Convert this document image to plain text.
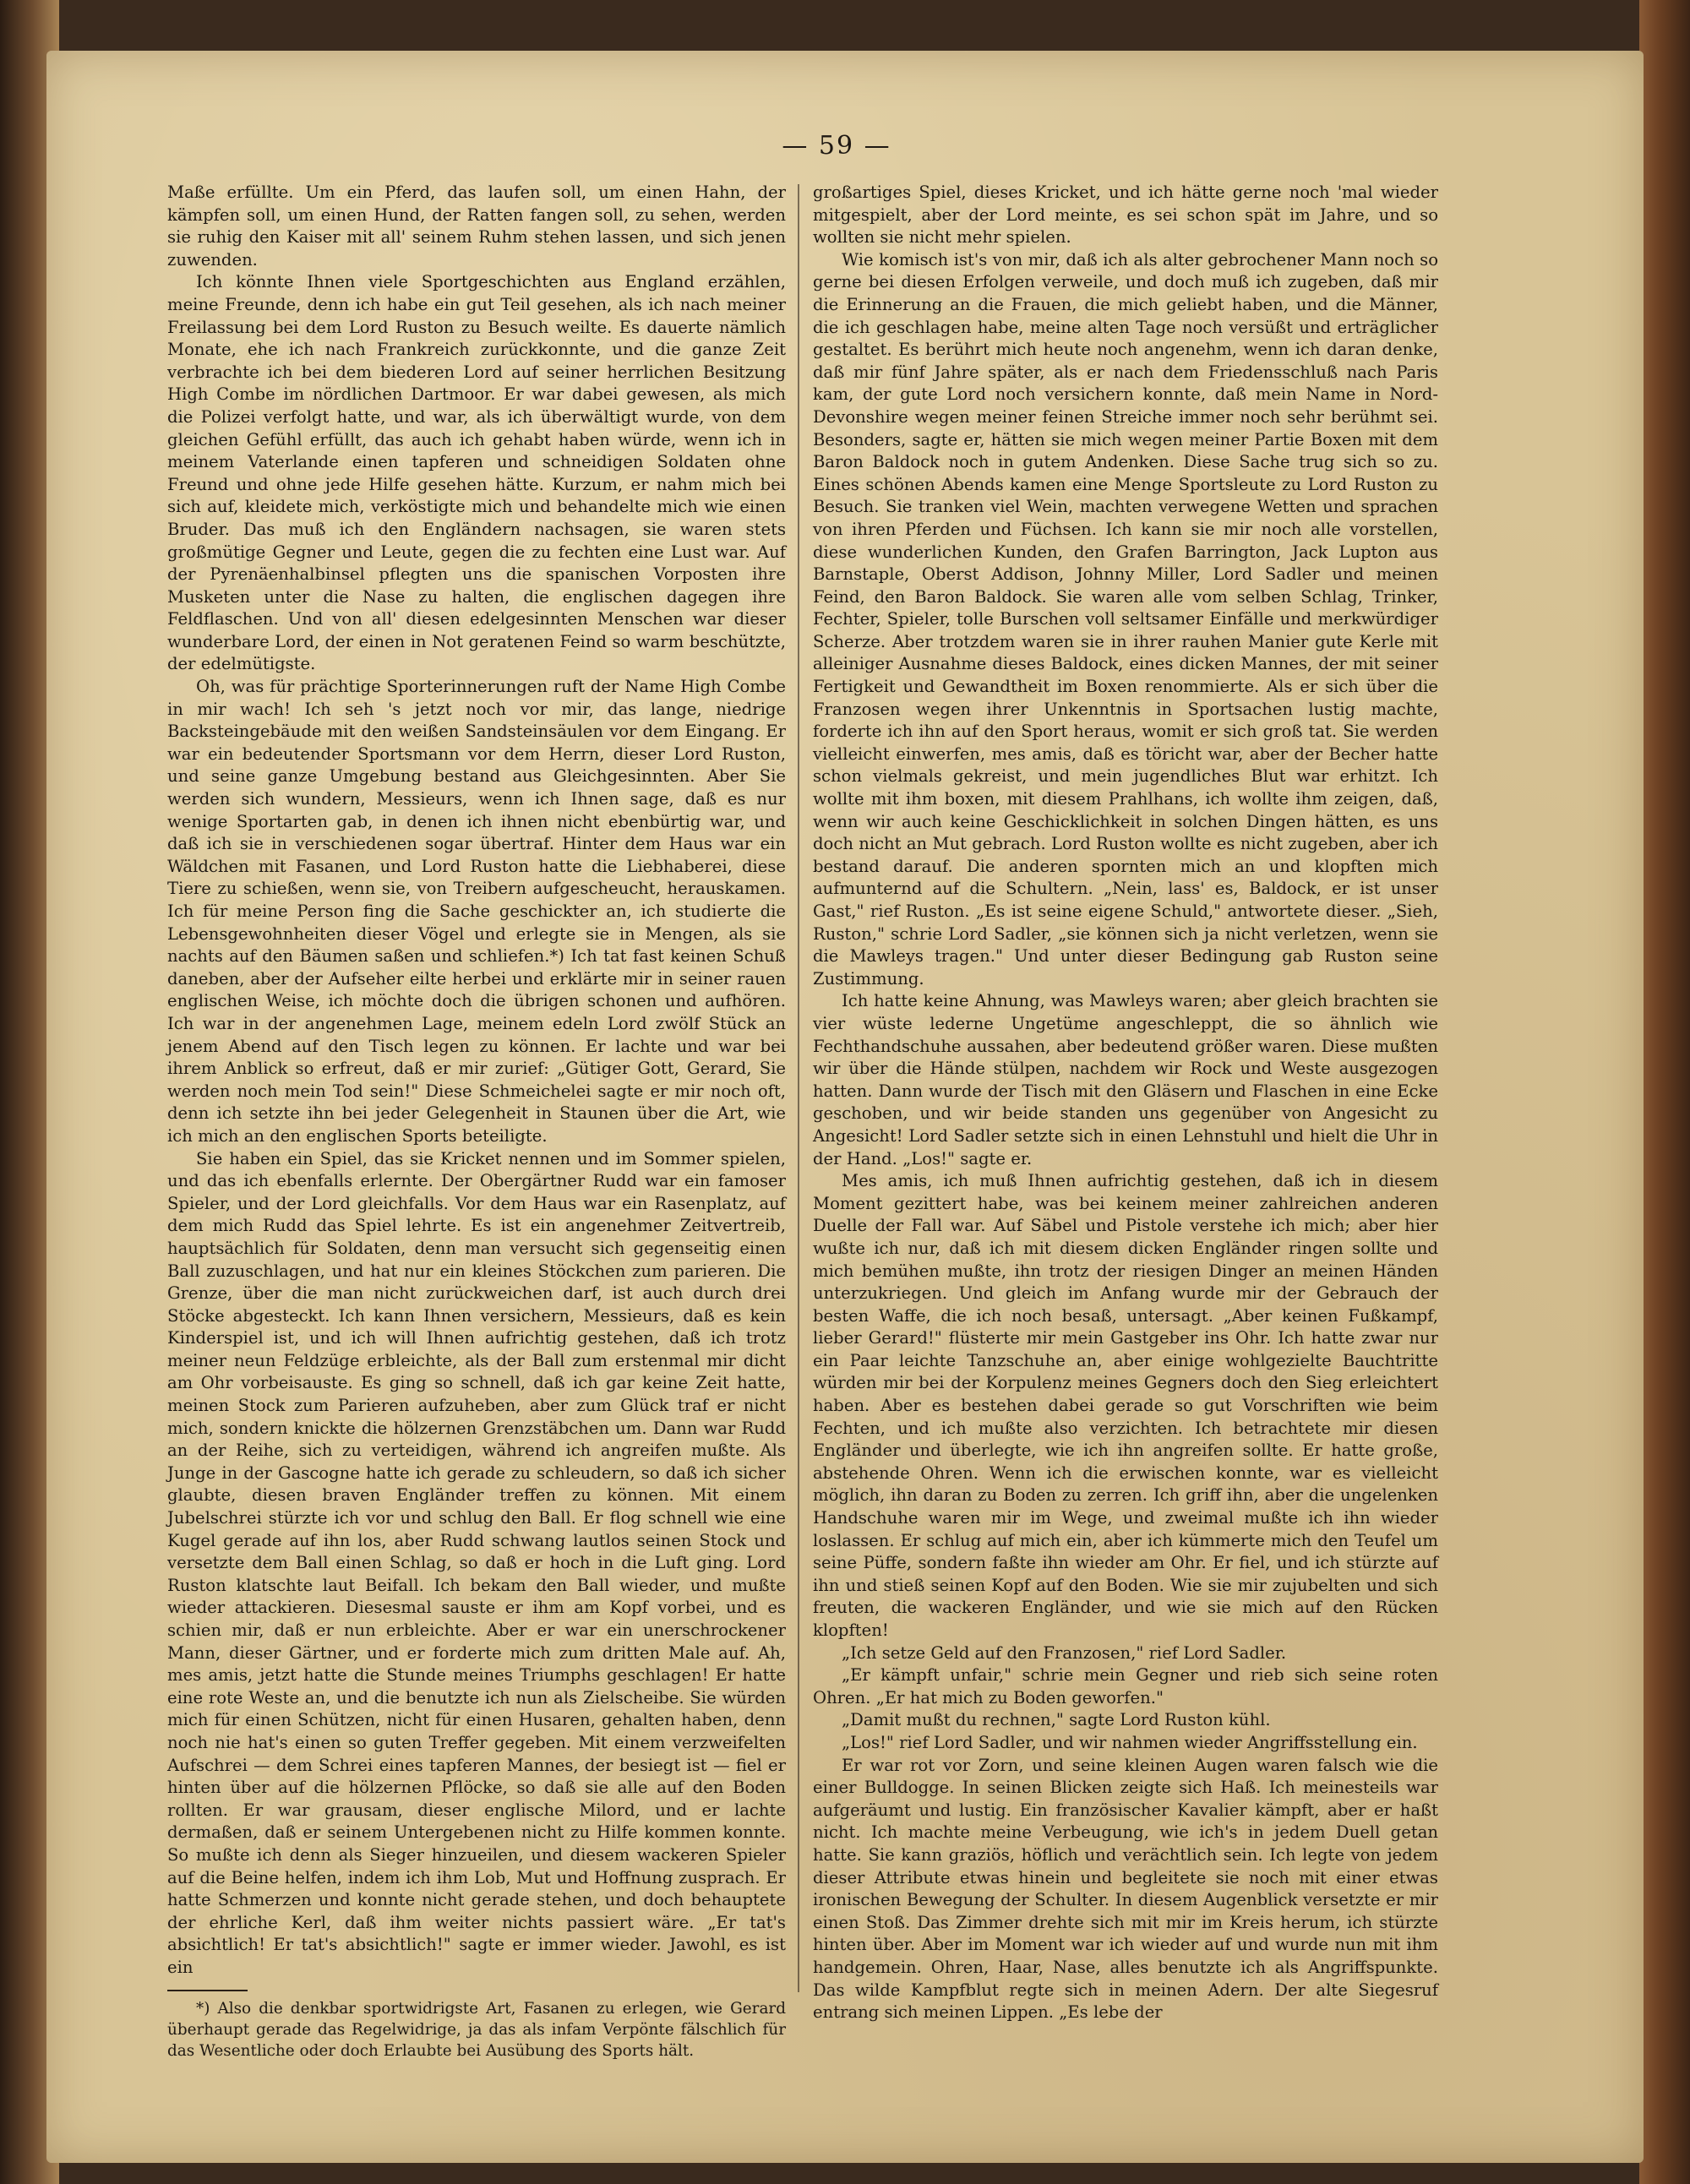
— 59 —

Maße erfüllte. Um ein Pferd, das laufen soll, um einen Hahn, der kämpfen soll, um einen Hund, der Ratten fangen soll, zu sehen, werden sie ruhig den Kaiser mit all' seinem Ruhm stehen lassen, und sich jenen zuwenden.

Ich könnte Ihnen viele Sportgeschichten aus England erzählen, meine Freunde, denn ich habe ein gut Teil gesehen, als ich nach meiner Freilassung bei dem Lord Ruston zu Besuch weilte. Es dauerte nämlich Monate, ehe ich nach Frankreich zurückkonnte, und die ganze Zeit verbrachte ich bei dem biederen Lord auf seiner herrlichen Besitzung High Combe im nördlichen Dartmoor. Er war dabei gewesen, als mich die Polizei verfolgt hatte, und war, als ich überwältigt wurde, von dem gleichen Gefühl erfüllt, das auch ich gehabt haben würde, wenn ich in meinem Vaterlande einen tapferen und schneidigen Soldaten ohne Freund und ohne jede Hilfe gesehen hätte. Kurzum, er nahm mich bei sich auf, kleidete mich, verköstigte mich und behandelte mich wie einen Bruder. Das muß ich den Engländern nachsagen, sie waren stets großmütige Gegner und Leute, gegen die zu fechten eine Lust war. Auf der Pyrenäenhalbinsel pflegten uns die spanischen Vorposten ihre Musketen unter die Nase zu halten, die englischen dagegen ihre Feldflaschen. Und von all' diesen edelgesinnten Menschen war dieser wunderbare Lord, der einen in Not geratenen Feind so warm beschützte, der edelmütigste.

Oh, was für prächtige Sporterinnerungen ruft der Name High Combe in mir wach! Ich seh 's jetzt noch vor mir, das lange, niedrige Backsteingebäude mit den weißen Sandsteinsäulen vor dem Eingang. Er war ein bedeutender Sportsmann vor dem Herrn, dieser Lord Ruston, und seine ganze Umgebung bestand aus Gleichgesinnten. Aber Sie werden sich wundern, Messieurs, wenn ich Ihnen sage, daß es nur wenige Sportarten gab, in denen ich ihnen nicht ebenbürtig war, und daß ich sie in verschiedenen sogar übertraf. Hinter dem Haus war ein Wäldchen mit Fasanen, und Lord Ruston hatte die Liebhaberei, diese Tiere zu schießen, wenn sie, von Treibern aufgescheucht, herauskamen. Ich für meine Person fing die Sache geschickter an, ich studierte die Lebensgewohnheiten dieser Vögel und erlegte sie in Mengen, als sie nachts auf den Bäumen saßen und schliefen.*) Ich tat fast keinen Schuß daneben, aber der Aufseher eilte herbei und erklärte mir in seiner rauen englischen Weise, ich möchte doch die übrigen schonen und aufhören. Ich war in der angenehmen Lage, meinem edeln Lord zwölf Stück an jenem Abend auf den Tisch legen zu können. Er lachte und war bei ihrem Anblick so erfreut, daß er mir zurief: „Gütiger Gott, Gerard, Sie werden noch mein Tod sein!" Diese Schmeichelei sagte er mir noch oft, denn ich setzte ihn bei jeder Gelegenheit in Staunen über die Art, wie ich mich an den englischen Sports beteiligte.

Sie haben ein Spiel, das sie Kricket nennen und im Sommer spielen, und das ich ebenfalls erlernte. Der Obergärtner Rudd war ein famoser Spieler, und der Lord gleichfalls. Vor dem Haus war ein Rasenplatz, auf dem mich Rudd das Spiel lehrte. Es ist ein angenehmer Zeitvertreib, hauptsächlich für Soldaten, denn man versucht sich gegenseitig einen Ball zuzuschlagen, und hat nur ein kleines Stöckchen zum parieren. Die Grenze, über die man nicht zurückweichen darf, ist auch durch drei Stöcke abgesteckt. Ich kann Ihnen versichern, Messieurs, daß es kein Kinderspiel ist, und ich will Ihnen aufrichtig gestehen, daß ich trotz meiner neun Feldzüge erbleichte, als der Ball zum erstenmal mir dicht am Ohr vorbeisauste. Es ging so schnell, daß ich gar keine Zeit hatte, meinen Stock zum Parieren aufzuheben, aber zum Glück traf er nicht mich, sondern knickte die hölzernen Grenzstäbchen um. Dann war Rudd an der Reihe, sich zu verteidigen, während ich angreifen mußte. Als Junge in der Gascogne hatte ich gerade zu schleudern, so daß ich sicher glaubte, diesen braven Engländer treffen zu können. Mit einem Jubelschrei stürzte ich vor und schlug den Ball. Er flog schnell wie eine Kugel gerade auf ihn los, aber Rudd schwang lautlos seinen Stock und versetzte dem Ball einen Schlag, so daß er hoch in die Luft ging. Lord Ruston klatschte laut Beifall. Ich bekam den Ball wieder, und mußte wieder attackieren. Diesesmal sauste er ihm am Kopf vorbei, und es schien mir, daß er nun erbleichte. Aber er war ein unerschrockener Mann, dieser Gärtner, und er forderte mich zum dritten Male auf. Ah, mes amis, jetzt hatte die Stunde meines Triumphs geschlagen! Er hatte eine rote Weste an, und die benutzte ich nun als Zielscheibe. Sie würden mich für einen Schützen, nicht für einen Husaren, gehalten haben, denn noch nie hat's einen so guten Treffer gegeben. Mit einem verzweifelten Aufschrei — dem Schrei eines tapferen Mannes, der besiegt ist — fiel er hinten über auf die hölzernen Pflöcke, so daß sie alle auf den Boden rollten. Er war grausam, dieser englische Milord, und er lachte dermaßen, daß er seinem Untergebenen nicht zu Hilfe kommen konnte. So mußte ich denn als Sieger hinzueilen, und diesem wackeren Spieler auf die Beine helfen, indem ich ihm Lob, Mut und Hoffnung zusprach. Er hatte Schmerzen und konnte nicht gerade stehen, und doch behauptete der ehrliche Kerl, daß ihm weiter nichts passiert wäre. „Er tat's absichtlich! Er tat's absichtlich!" sagte er immer wieder. Jawohl, es ist ein

*) Also die denkbar sportwidrigste Art, Fasanen zu erlegen, wie Gerard überhaupt gerade das Regelwidrige, ja das als infam Verpönte fälschlich für das Wesentliche oder doch Erlaubte bei Ausübung des Sports hält.

großartiges Spiel, dieses Kricket, und ich hätte gerne noch 'mal wieder mitgespielt, aber der Lord meinte, es sei schon spät im Jahre, und so wollten sie nicht mehr spielen.

Wie komisch ist's von mir, daß ich als alter gebrochener Mann noch so gerne bei diesen Erfolgen verweile, und doch muß ich zugeben, daß mir die Erinnerung an die Frauen, die mich geliebt haben, und die Männer, die ich geschlagen habe, meine alten Tage noch versüßt und erträglicher gestaltet. Es berührt mich heute noch angenehm, wenn ich daran denke, daß mir fünf Jahre später, als er nach dem Friedensschluß nach Paris kam, der gute Lord noch versichern konnte, daß mein Name in Nord-Devonshire wegen meiner feinen Streiche immer noch sehr berühmt sei. Besonders, sagte er, hätten sie mich wegen meiner Partie Boxen mit dem Baron Baldock noch in gutem Andenken. Diese Sache trug sich so zu. Eines schönen Abends kamen eine Menge Sportsleute zu Lord Ruston zu Besuch. Sie tranken viel Wein, machten verwegene Wetten und sprachen von ihren Pferden und Füchsen. Ich kann sie mir noch alle vorstellen, diese wunderlichen Kunden, den Grafen Barrington, Jack Lupton aus Barnstaple, Oberst Addison, Johnny Miller, Lord Sadler und meinen Feind, den Baron Baldock. Sie waren alle vom selben Schlag, Trinker, Fechter, Spieler, tolle Burschen voll seltsamer Einfälle und merkwürdiger Scherze. Aber trotzdem waren sie in ihrer rauhen Manier gute Kerle mit alleiniger Ausnahme dieses Baldock, eines dicken Mannes, der mit seiner Fertigkeit und Gewandtheit im Boxen renommierte. Als er sich über die Franzosen wegen ihrer Unkenntnis in Sportsachen lustig machte, forderte ich ihn auf den Sport heraus, womit er sich groß tat. Sie werden vielleicht einwerfen, mes amis, daß es töricht war, aber der Becher hatte schon vielmals gekreist, und mein jugendliches Blut war erhitzt. Ich wollte mit ihm boxen, mit diesem Prahlhans, ich wollte ihm zeigen, daß, wenn wir auch keine Geschicklichkeit in solchen Dingen hätten, es uns doch nicht an Mut gebrach. Lord Ruston wollte es nicht zugeben, aber ich bestand darauf. Die anderen spornten mich an und klopften mich aufmunternd auf die Schultern. „Nein, lass' es, Baldock, er ist unser Gast," rief Ruston. „Es ist seine eigene Schuld," antwortete dieser. „Sieh, Ruston," schrie Lord Sadler, „sie können sich ja nicht verletzen, wenn sie die Mawleys tragen." Und unter dieser Bedingung gab Ruston seine Zustimmung.

Ich hatte keine Ahnung, was Mawleys waren; aber gleich brachten sie vier wüste lederne Ungetüme angeschleppt, die so ähnlich wie Fechthandschuhe aussahen, aber bedeutend größer waren. Diese mußten wir über die Hände stülpen, nachdem wir Rock und Weste ausgezogen hatten. Dann wurde der Tisch mit den Gläsern und Flaschen in eine Ecke geschoben, und wir beide standen uns gegenüber von Angesicht zu Angesicht! Lord Sadler setzte sich in einen Lehnstuhl und hielt die Uhr in der Hand. „Los!" sagte er.

Mes amis, ich muß Ihnen aufrichtig gestehen, daß ich in diesem Moment gezittert habe, was bei keinem meiner zahlreichen anderen Duelle der Fall war. Auf Säbel und Pistole verstehe ich mich; aber hier wußte ich nur, daß ich mit diesem dicken Engländer ringen sollte und mich bemühen mußte, ihn trotz der riesigen Dinger an meinen Händen unterzukriegen. Und gleich im Anfang wurde mir der Gebrauch der besten Waffe, die ich noch besaß, untersagt. „Aber keinen Fußkampf, lieber Gerard!" flüsterte mir mein Gastgeber ins Ohr. Ich hatte zwar nur ein Paar leichte Tanzschuhe an, aber einige wohlgezielte Bauchtritte würden mir bei der Korpulenz meines Gegners doch den Sieg erleichtert haben. Aber es bestehen dabei gerade so gut Vorschriften wie beim Fechten, und ich mußte also verzichten. Ich betrachtete mir diesen Engländer und überlegte, wie ich ihn angreifen sollte. Er hatte große, abstehende Ohren. Wenn ich die erwischen konnte, war es vielleicht möglich, ihn daran zu Boden zu zerren. Ich griff ihn, aber die ungelenken Handschuhe waren mir im Wege, und zweimal mußte ich ihn wieder loslassen. Er schlug auf mich ein, aber ich kümmerte mich den Teufel um seine Püffe, sondern faßte ihn wieder am Ohr. Er fiel, und ich stürzte auf ihn und stieß seinen Kopf auf den Boden. Wie sie mir zujubelten und sich freuten, die wackeren Engländer, und wie sie mich auf den Rücken klopften!

„Ich setze Geld auf den Franzosen," rief Lord Sadler.

„Er kämpft unfair," schrie mein Gegner und rieb sich seine roten Ohren. „Er hat mich zu Boden geworfen."

„Damit mußt du rechnen," sagte Lord Ruston kühl.

„Los!" rief Lord Sadler, und wir nahmen wieder Angriffsstellung ein.

Er war rot vor Zorn, und seine kleinen Augen waren falsch wie die einer Bulldogge. In seinen Blicken zeigte sich Haß. Ich meinesteils war aufgeräumt und lustig. Ein französischer Kavalier kämpft, aber er haßt nicht. Ich machte meine Verbeugung, wie ich's in jedem Duell getan hatte. Sie kann graziös, höflich und verächtlich sein. Ich legte von jedem dieser Attribute etwas hinein und begleitete sie noch mit einer etwas ironischen Bewegung der Schulter. In diesem Augenblick versetzte er mir einen Stoß. Das Zimmer drehte sich mit mir im Kreis herum, ich stürzte hinten über. Aber im Moment war ich wieder auf und wurde nun mit ihm handgemein. Ohren, Haar, Nase, alles benutzte ich als Angriffspunkte. Das wilde Kampfblut regte sich in meinen Adern. Der alte Siegesruf entrang sich meinen Lippen. „Es lebe der
